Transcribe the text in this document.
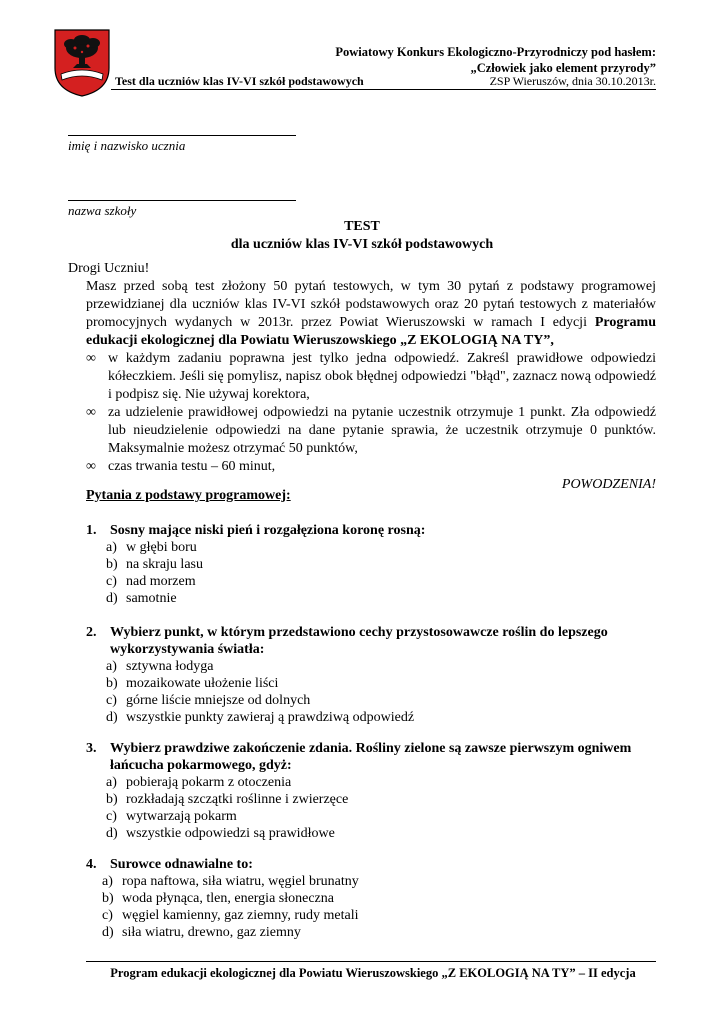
Powiatowy Konkurs Ekologiczno-Przyrodniczy pod hasłem:
„Człowiek jako element przyrody”
Test dla uczniów klas IV-VI szkół podstawowych	ZSP Wieruszów, dnia 30.10.2013r.
imię i nazwisko ucznia
nazwa szkoły
TEST
dla uczniów klas IV-VI szkół podstawowych
Drogi Uczniu!
Masz przed sobą test złożony 50 pytań testowych, w tym 30 pytań z podstawy programowej przewidzianej dla uczniów klas IV-VI szkół podstawowych oraz 20 pytań testowych z materiałów promocyjnych wydanych w 2013r. przez Powiat Wieruszowski w ramach I edycji Programu edukacji ekologicznej dla Powiatu Wieruszowskiego „Z EKOLOGIĄ NA TY”,
∞ w każdym zadaniu poprawna jest tylko jedna odpowiedź. Zakreśl prawidłowe odpowiedzi kółeczkiem. Jeśli się pomylisz, napisz obok błędnej odpowiedzi "błąd", zaznacz nową odpowiedź i podpisz się. Nie używaj korektora,
∞ za udzielenie prawidłowej odpowiedzi na pytanie uczestnik otrzymuje 1 punkt. Zła odpowiedź lub nieudzielenie odpowiedzi na dane pytanie sprawia, że uczestnik otrzymuje 0 punktów. Maksymalnie możesz otrzymać 50 punktów,
∞ czas trwania testu – 60 minut,
POWODZENIA!
Pytania z podstawy programowej:
1. Sosny mające niski pień i rozgałęziona koronę rosną:
a) w głębi boru
b) na skraju lasu
c) nad morzem
d) samotnie
2. Wybierz punkt, w którym przedstawiono cechy przystosowawcze roślin do lepszego wykorzystywania światła:
a) sztywna łodyga
b) mozaikowate ułożenie liści
c) górne liście mniejsze od dolnych
d) wszystkie punkty zawieraj ą prawdziwą odpowiedź
3. Wybierz prawdziwe zakończenie zdania. Rośliny zielone są zawsze pierwszym ogniwem łańcucha pokarmowego, gdyż:
a) pobierają pokarm z otoczenia
b) rozkładają szczątki roślinne i zwierzęce
c) wytwarzają pokarm
d) wszystkie odpowiedzi są prawidłowe
4. Surowce odnawialne to:
a) ropa naftowa, siła wiatru, węgiel brunatny
b) woda płynąca, tlen, energia słoneczna
c) węgiel kamienny, gaz ziemny, rudy metali
d) siła wiatru, drewno, gaz ziemny
Program edukacji ekologicznej dla Powiatu Wieruszowskiego „Z EKOLOGIĄ NA TY” – II edycja
